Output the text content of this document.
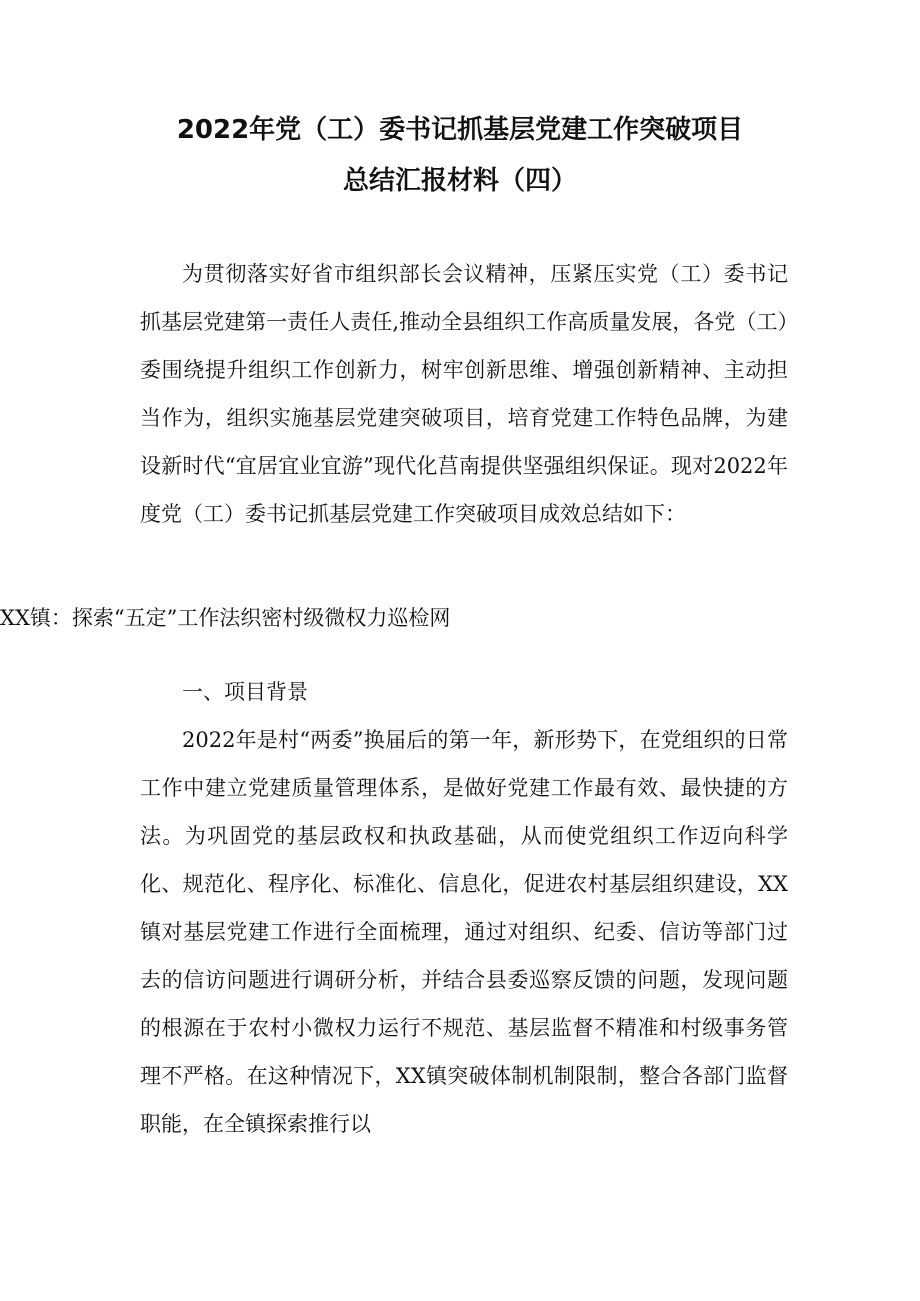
2022年党（工）委书记抓基层党建工作突破项目
总结汇报材料（四）

为贯彻落实好省市组织部长会议精神，压紧压实党（工）委书记抓基层党建第一责任人责任,推动全县组织工作高质量发展，各党（工）委围绕提升组织工作创新力，树牢创新思维、增强创新精神、主动担当作为，组织实施基层党建突破项目，培育党建工作特色品牌，为建设新时代“宜居宜业宜游”现代化莒南提供坚强组织保证。现对2022年度党（工）委书记抓基层党建工作突破项目成效总结如下：

XX镇：探索“五定”工作法织密村级微权力巡检网

一、项目背景

2022年是村“两委”换届后的第一年，新形势下，在党组织的日常工作中建立党建质量管理体系，是做好党建工作最有效、最快捷的方法。为巩固党的基层政权和执政基础，从而使党组织工作迈向科学化、规范化、程序化、标准化、信息化，促进农村基层组织建设，XX镇对基层党建工作进行全面梳理，通过对组织、纪委、信访等部门过去的信访问题进行调研分析，并结合县委巡察反馈的问题，发现问题的根源在于农村小微权力运行不规范、基层监督不精准和村级事务管理不严格。在这种情况下，XX镇突破体制机制限制，整合各部门监督职能，在全镇探索推行以
